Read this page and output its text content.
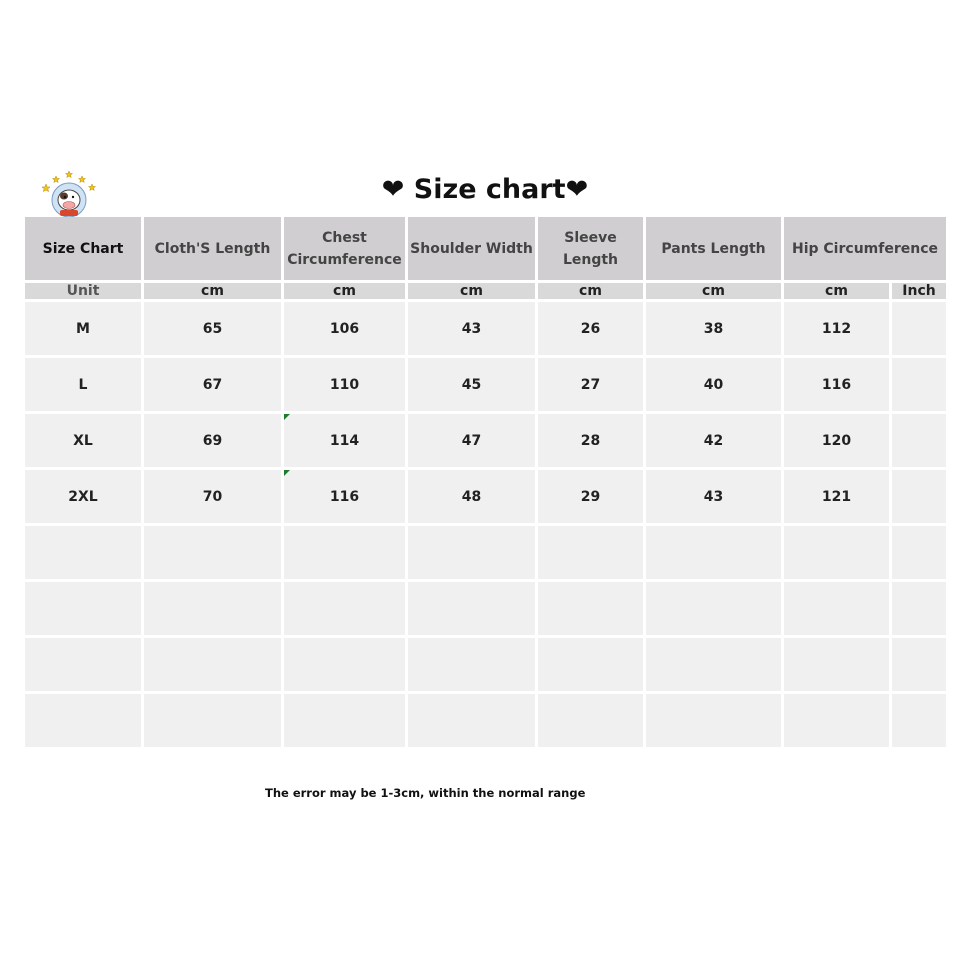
❤ Size chart❤
Size Chart	Cloth'S Length	Chest Circumference	Shoulder Width	Sleeve Length	Pants Length	Hip Circumference	
Unit	cm	cm	cm	cm	cm	cm	Inch
M	65	106	43	26	38	112	
L	67	110	45	27	40	116	
XL	69	114	47	28	42	120	
2XL	70	116	48	29	43	121	

The error may be 1-3cm, within the normal range
